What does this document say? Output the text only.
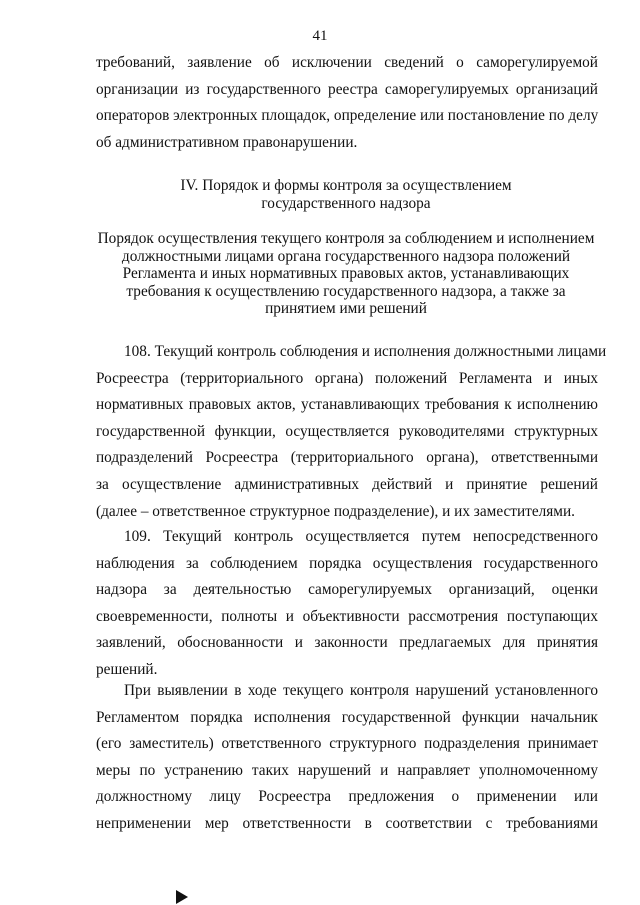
41
требований, заявление об исключении сведений о саморегулируемой
организации из государственного реестра саморегулируемых организаций
операторов электронных площадок, определение или постановление по делу
об административном правонарушении.
IV. Порядок и формы контроля за осуществлением
государственного надзора
Порядок осуществления текущего контроля за соблюдением и исполнением
должностными лицами органа государственного надзора положений
Регламента и иных нормативных правовых актов, устанавливающих
требования к осуществлению государственного надзора, а также за
принятием ими решений
108. Текущий контроль соблюдения и исполнения должностными лицами
Росреестра (территориального органа) положений Регламента и иных
нормативных правовых актов, устанавливающих требования к исполнению
государственной функции, осуществляется руководителями структурных
подразделений Росреестра (территориального органа), ответственными
за осуществление административных действий и принятие решений
(далее – ответственное структурное подразделение), и их заместителями.
109. Текущий контроль осуществляется путем непосредственного
наблюдения за соблюдением порядка осуществления государственного
надзора за деятельностью саморегулируемых организаций, оценки
своевременности, полноты и объективности рассмотрения поступающих
заявлений, обоснованности и законности предлагаемых для принятия
решений.
При выявлении в ходе текущего контроля нарушений установленного
Регламентом порядка исполнения государственной функции начальник
(его заместитель) ответственного структурного подразделения принимает
меры по устранению таких нарушений и направляет уполномоченному
должностному лицу Росреестра предложения о применении или
неприменении мер ответственности в соответствии с требованиями
